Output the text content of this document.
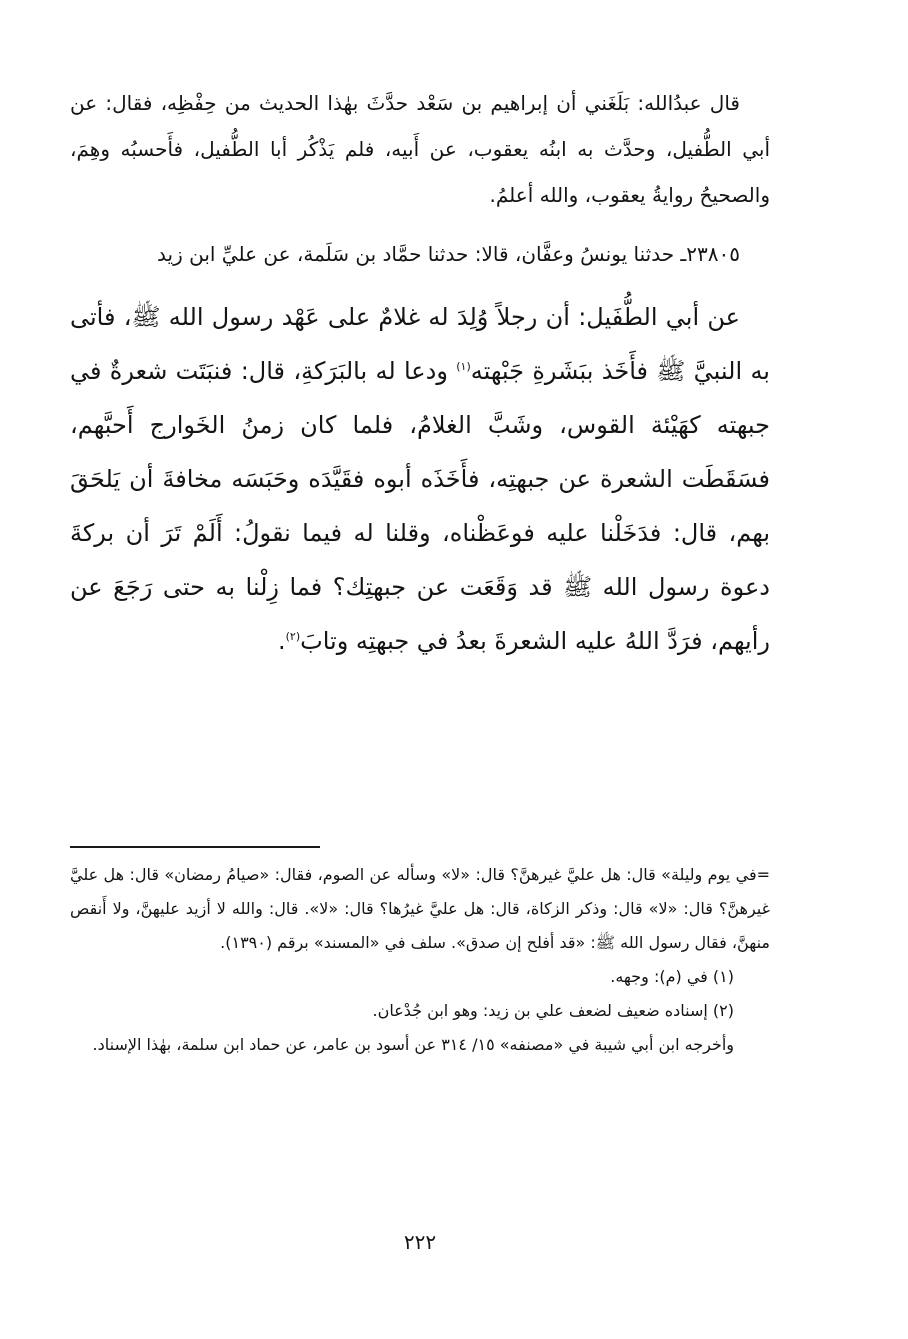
قال عبدُالله: بَلَغَني أن إبراهيم بن سَعْد حدَّثَ بهٰذا الحديث من حِفْظِه، فقال: عن أبي الطُّفيل، وحدَّث به ابنُه يعقوب، عن أَبيه، فلم يَذْكُر أبا الطُّفيل، فأَحسبُه وهِمَ، والصحيحُ روايةُ يعقوب، والله أعلمُ.

٢٣٨٠٥ـ حدثنا يونسُ وعفَّان، قالا: حدثنا حمَّاد بن سَلَمة، عن عليِّ ابن زيد

عن أبي الطُّفَيل: أن رجلاً وُلِدَ له غلامٌ على عَهْد رسول الله ﷺ، فأتى به النبيَّ ﷺ فأَخَذ ببَشَرةِ جَبْهته$^{(١)}$ ودعا له بالبَرَكةِ، قال: فنبَتَت شعرةٌ في جبهته كهَيْئة القوس، وشَبَّ الغلامُ، فلما كان زمنُ الخَوارج أَحبَّهم، فسَقَطَت الشعرة عن جبهتِه، فأَخَذَه أبوه فقَيَّدَه وحَبَسَه مخافةَ أن يَلحَقَ بهم، قال: فدَخَلْنا عليه فوعَظْناه، وقلنا له فيما نقولُ: أَلَمْ تَرَ أن بركةَ دعوة رسول الله ﷺ قد وَقَعَت عن جبهتِك؟ فما زِلْنا به حتى رَجَعَ عن رأيهم، فرَدَّ اللهُ عليه الشعرةَ بعدُ في جبهتِه وتابَ$^{(٢)}$.

=في يوم وليلة» قال: هل عليَّ غيرهنَّ؟ قال: «لا» وسأله عن الصوم، فقال: «صيامُ رمضان» قال: هل عليَّ غيرهنَّ؟ قال: «لا» قال: وذكر الزكاة، قال: هل عليَّ غيرُها؟ قال: «لا». قال: والله لا أزيد عليهنَّ، ولا أَنقص منهنَّ، فقال رسول الله ﷺ: «قد أفلح إن صدق». سلف في «المسند» برقم (١٣٩٠).

(١) في (م): وجهه.

(٢) إسناده ضعيف لضعف علي بن زيد: وهو ابن جُدْعان.

وأخرجه ابن أبي شيبة في «مصنفه» ١٥/ ٣١٤ عن أسود بن عامر، عن حماد ابن سلمة، بهٰذا الإسناد.

٢٢٢
